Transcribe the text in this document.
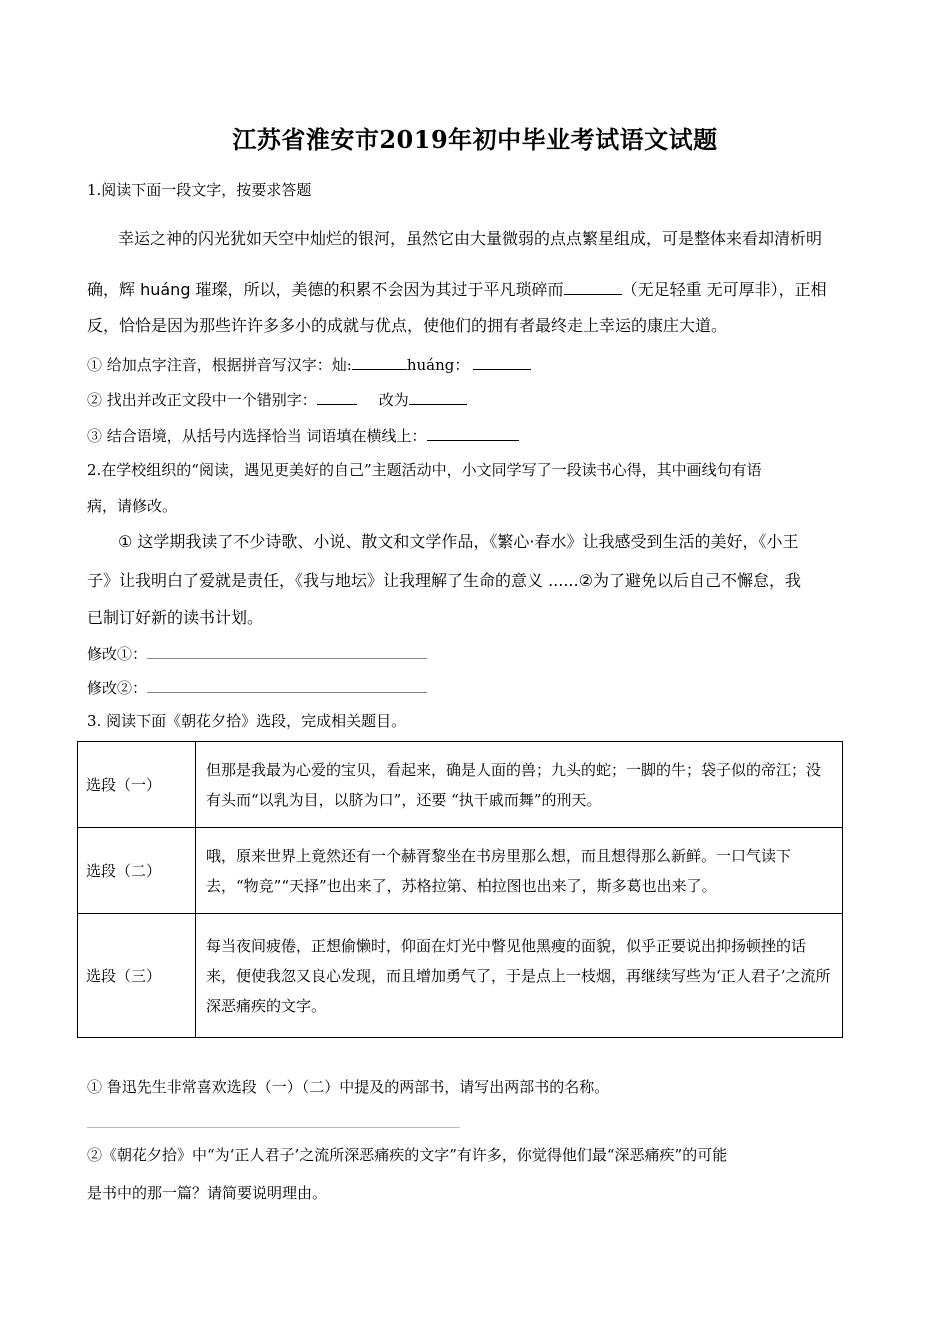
江苏省淮安市2019年初中毕业考试语文试题
1.阅读下面一段文字，按要求答题
幸运之神的闪光犹如天空中灿烂的银河，虽然它由大量微弱的点点繁星组成，可是整体来看却清析明
确，辉 huáng 璀璨，所以，美德的积累不会因为其过于平凡琐碎而	（无足轻重 无可厚非），正相
反，恰恰是因为那些许许多多小的成就与优点，使他们的拥有者最终走上幸运的康庄大道。
① 给加点字注音，根据拼音写汉字：灿:	huáng：
② 找出并改正文段中一个错别字：	改为
③ 结合语境，从括号内选择恰当 词语填在横线上：
2.在学校组织的“阅读，遇见更美好的自己”主题活动中，小文同学写了一段读书心得，其中画线句有语
病，请修改。
① 这学期我读了不少诗歌、小说、散文和文学作品，《繁心·春水》让我感受到生活的美好，《小王
子》让我明白了爱就是责任，《我与地坛》让我理解了生命的意义 ......②为了避免以后自己不懈怠，我
已制订好新的读书计划。
修改①：
修改②：
3. 阅读下面《朝花夕拾》选段，完成相关题目。
选段（一）	但那是我最为心爱的宝贝，看起来，确是人面的兽；九头的蛇；一脚的牛；袋子似的帝江；没有头而“以乳为目，以脐为口”，还要 “执干戚而舞”的刑天。
选段（二）	哦，原来世界上竟然还有一个赫胥黎坐在书房里那么想，而且想得那么新鲜。一口气读下去，“物竞”“天择”也出来了，苏格拉第、柏拉图也出来了，斯多葛也出来了。
选段（三）	每当夜间疲倦，正想偷懒时，仰面在灯光中瞥见他黑瘦的面貌，似乎正要说出抑扬顿挫的话来，便使我忽又良心发现，而且增加勇气了，于是点上一枝烟，再继续写些为‘正人君子’之流所深恶痛疾的文字。
① 鲁迅先生非常喜欢选段（一）（二）中提及的两部书，请写出两部书的名称。
②《朝花夕拾》中“为‘正人君子’之流所深恶痛疾的文字”有许多，你觉得他们最“深恶痛疾”的可能
是书中的那一篇？请简要说明理由。
